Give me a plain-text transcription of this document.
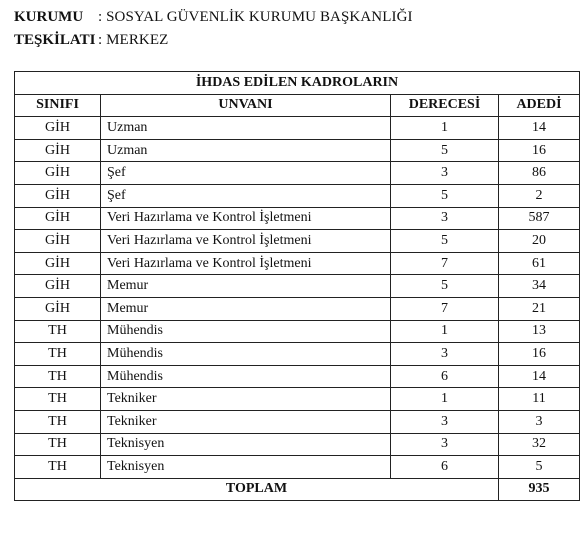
KURUMU : SOSYAL GÜVENLİK KURUMU BAŞKANLIĞI
TEŞKİLATI : MERKEZ
İHDAS EDİLEN KADROLARIN			
SINIFI	UNVANI	DERECESİ	ADEDİ
GİH	Uzman	1	14
GİH	Uzman	5	16
GİH	Şef	3	86
GİH	Şef	5	2
GİH	Veri Hazırlama ve Kontrol İşletmeni	3	587
GİH	Veri Hazırlama ve Kontrol İşletmeni	5	20
GİH	Veri Hazırlama ve Kontrol İşletmeni	7	61
GİH	Memur	5	34
GİH	Memur	7	21
TH	Mühendis	1	13
TH	Mühendis	3	16
TH	Mühendis	6	14
TH	Tekniker	1	11
TH	Tekniker	3	3
TH	Teknisyen	3	32
TH	Teknisyen	6	5
TOPLAM			935
